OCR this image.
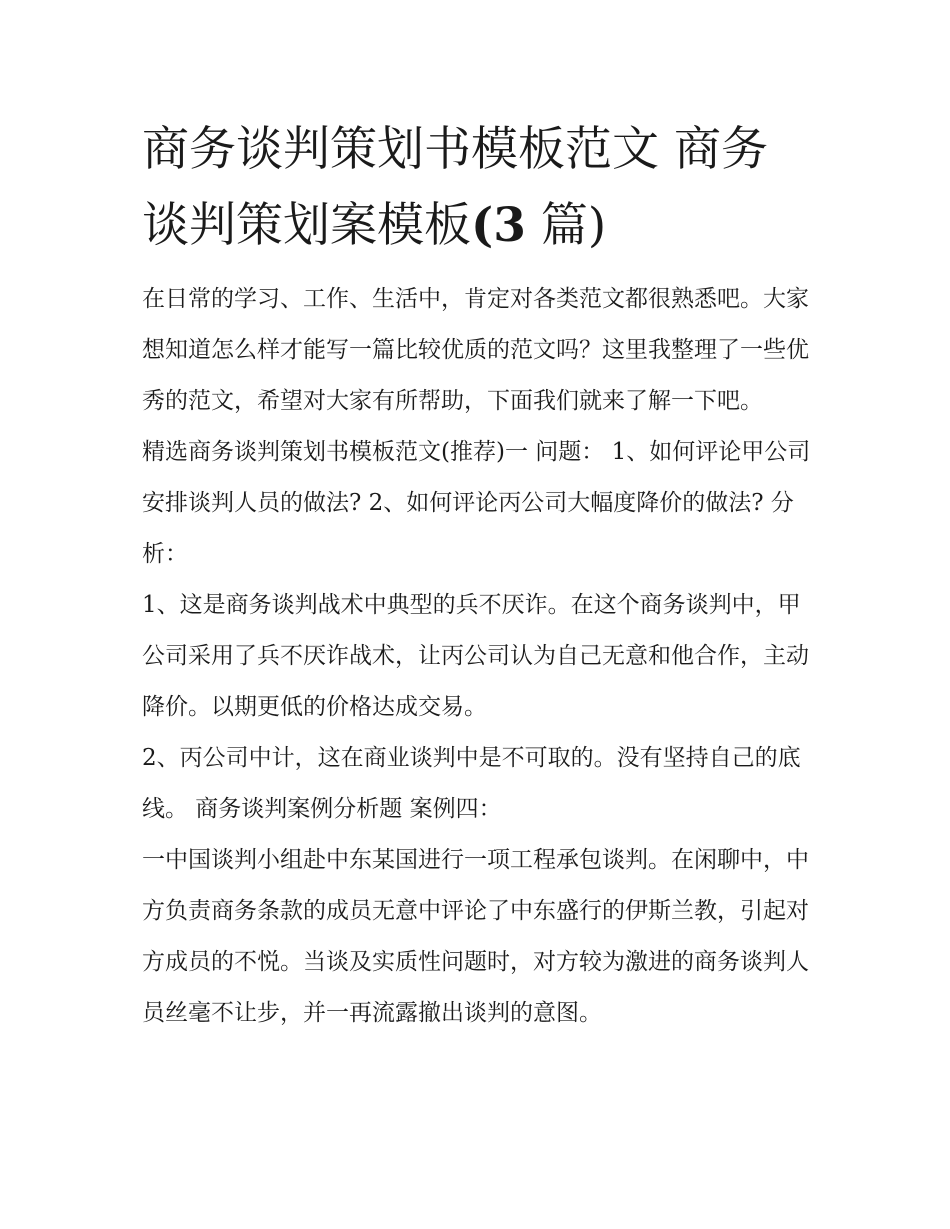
商务谈判策划书模板范文 商务
谈判策划案模板(3 篇)

在日常的学习、工作、生活中，肯定对各类范文都很熟悉吧。大家想知道怎么样才能写一篇比较优质的范文吗？这里我整理了一些优秀的范文，希望对大家有所帮助，下面我们就来了解一下吧。

精选商务谈判策划书模板范文(推荐)一 问题： 1、如何评论甲公司安排谈判人员的做法? 2、如何评论丙公司大幅度降价的做法? 分析：

1、这是商务谈判战术中典型的兵不厌诈。在这个商务谈判中，甲公司采用了兵不厌诈战术，让丙公司认为自己无意和他合作，主动降价。以期更低的价格达成交易。

2、丙公司中计，这在商业谈判中是不可取的。没有坚持自己的底线。 商务谈判案例分析题 案例四：

一中国谈判小组赴中东某国进行一项工程承包谈判。在闲聊中，中方负责商务条款的成员无意中评论了中东盛行的伊斯兰教，引起对方成员的不悦。当谈及实质性问题时，对方较为激进的商务谈判人员丝毫不让步，并一再流露撤出谈判的意图。
